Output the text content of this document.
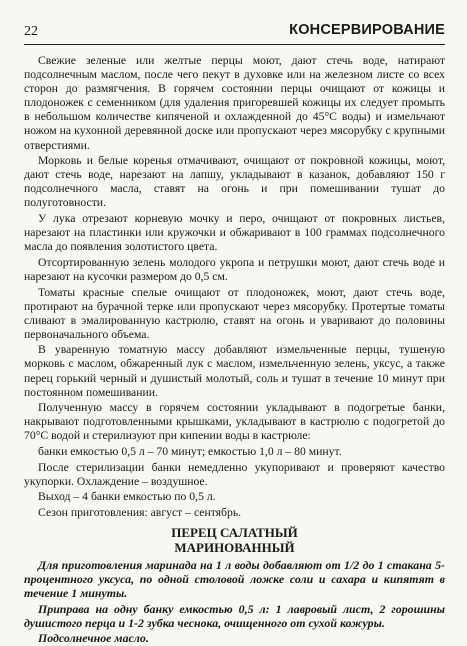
22	КОНСЕРВИРОВАНИЕ

Свежие зеленые или желтые перцы моют, дают стечь воде, натирают подсолнечным маслом, после чего пекут в духовке или на железном листе со всех сторон до размягчения. В горячем состоянии перцы очищают от кожицы и плодоножек с семенником (для удаления пригоревшей кожицы их следует промыть в небольшом количестве кипяченой и охлажденной до 45°C воды) и измельчают ножом на кухонной деревянной доске или пропускают через мясорубку с крупными отверстиями.

Морковь и белые коренья отмачивают, очищают от покровной кожицы, моют, дают стечь воде, нарезают на лапшу, укладывают в казанок, добавляют 150 г подсолнечного масла, ставят на огонь и при помешивании тушат до полуготовности.

У лука отрезают корневую мочку и перо, очищают от покровных листьев, нарезают на пластинки или кружочки и обжаривают в 100 граммах подсолнечного масла до появления золотистого цвета.

Отсортированную зелень молодого укропа и петрушки моют, дают стечь воде и нарезают на кусочки размером до 0,5 см.

Томаты красные спелые очищают от плодоножек, моют, дают стечь воде, протирают на бурачной терке или пропускают через мясорубку. Протертые томаты сливают в эмалированную кастрюлю, ставят на огонь и уваривают до половины первоначального объема.

В уваренную томатную массу добавляют измельченные перцы, тушеную морковь с маслом, обжаренный лук с маслом, измельченную зелень, уксус, а также перец горький черный и душистый молотый, соль и тушат в течение 10 минут при постоянном помешивании.

Полученную массу в горячем состоянии укладывают в подогретые банки, накрывают подготовленными крышками, укладывают в кастрюлю с подогретой до 70°C водой и стерилизуют при кипении воды в кастрюле:

банки емкостью 0,5 л – 70 минут; емкостью 1,0 л – 80 минут.

После стерилизации банки немедленно укупоривают и проверяют качество укупорки. Охлаждение – воздушное.

Выход – 4 банки емкостью по 0,5 л.

Сезон приготовления: август – сентябрь.

ПЕРЕЦ САЛАТНЫЙ
МАРИНОВАННЫЙ

Для приготовления маринада на 1 л воды добавляют от 1/2 до 1 стакана 5-процентного уксуса, по одной столовой ложке соли и сахара и кипятят в течение 1 минуты.

Приправа на одну банку емкостью 0,5 л: 1 лавровый лист, 2 горошины душистого перца и 1-2 зубка чеснока, очищенного от сухой кожуры.

Подсолнечное масло.
